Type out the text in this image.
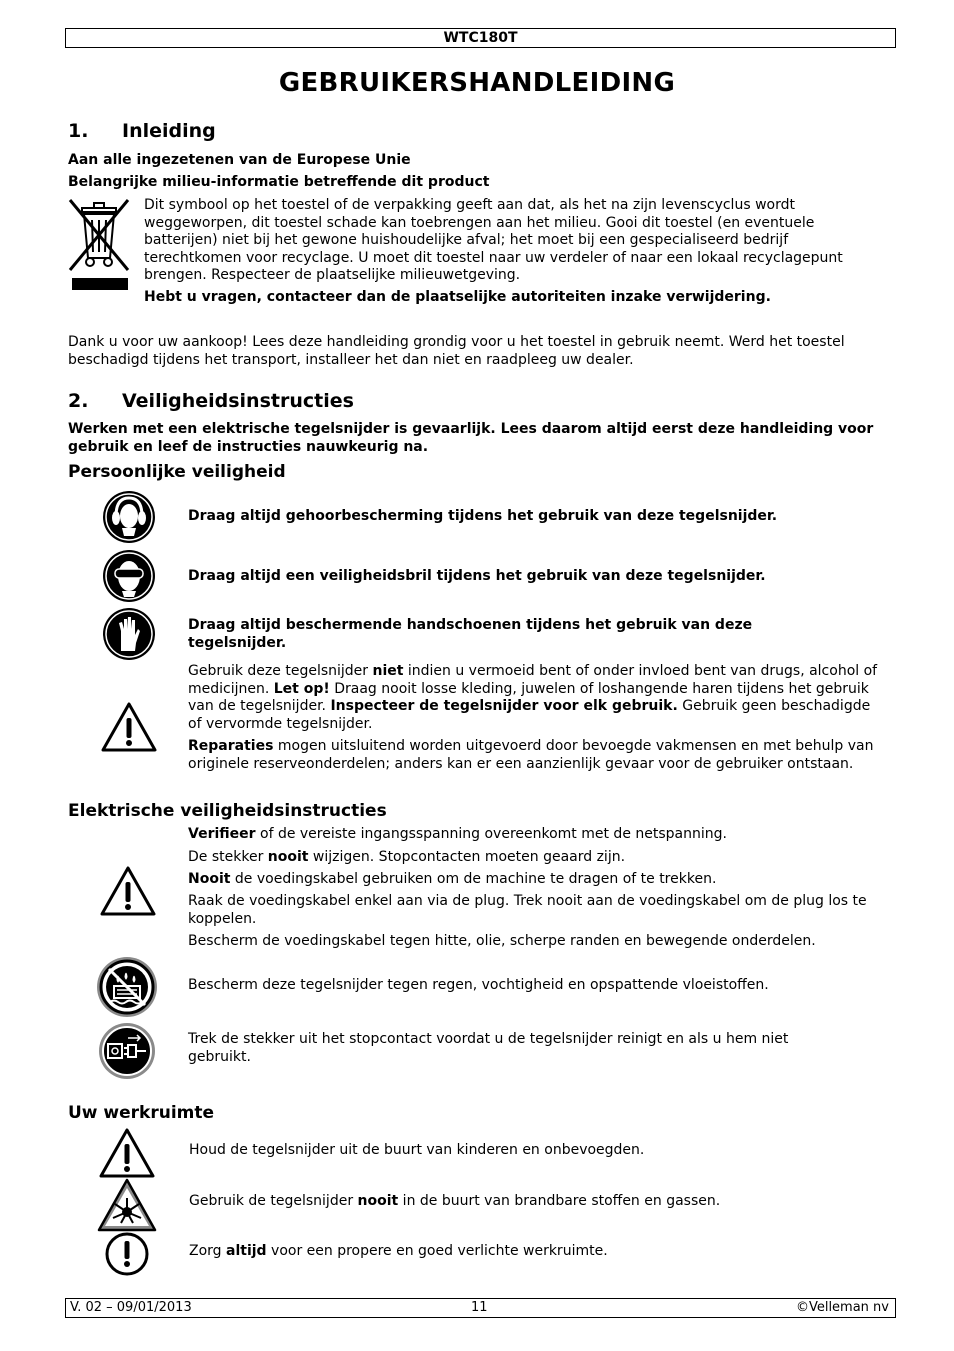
WTC180T
GEBRUIKERSHANDLEIDING
1. Inleiding
Aan alle ingezetenen van de Europese Unie
Belangrijke milieu-informatie betreffende dit product
Dit symbool op het toestel of de verpakking geeft aan dat, als het na zijn levenscyclus wordt weggeworpen, dit toestel schade kan toebrengen aan het milieu. Gooi dit toestel (en eventuele batterijen) niet bij het gewone huishoudelijke afval; het moet bij een gespecialiseerd bedrijf terechtkomen voor recyclage. U moet dit toestel naar uw verdeler of naar een lokaal recyclagepunt brengen. Respecteer de plaatselijke milieuwetgeving.
Hebt u vragen, contacteer dan de plaatselijke autoriteiten inzake verwijdering.
Dank u voor uw aankoop! Lees deze handleiding grondig voor u het toestel in gebruik neemt. Werd het toestel beschadigd tijdens het transport, installeer het dan niet en raadpleeg uw dealer.
2. Veiligheidsinstructies
Werken met een elektrische tegelsnijder is gevaarlijk. Lees daarom altijd eerst deze handleiding voor gebruik en leef de instructies nauwkeurig na.
Persoonlijke veiligheid
Draag altijd gehoorbescherming tijdens het gebruik van deze tegelsnijder.
Draag altijd een veiligheidsbril tijdens het gebruik van deze tegelsnijder.
Draag altijd beschermende handschoenen tijdens het gebruik van deze tegelsnijder.
Gebruik deze tegelsnijder niet indien u vermoeid bent of onder invloed bent van drugs, alcohol of medicijnen. Let op! Draag nooit losse kleding, juwelen of loshangende haren tijdens het gebruik van de tegelsnijder. Inspecteer de tegelsnijder voor elk gebruik. Gebruik geen beschadigde of vervormde tegelsnijder.
Reparaties mogen uitsluitend worden uitgevoerd door bevoegde vakmensen en met behulp van originele reserveonderdelen; anders kan er een aanzienlijk gevaar voor de gebruiker ontstaan.
Elektrische veiligheidsinstructies
Verifieer of de vereiste ingangsspanning overeenkomt met de netspanning.
De stekker nooit wijzigen. Stopcontacten moeten geaard zijn.
Nooit de voedingskabel gebruiken om de machine te dragen of te trekken.
Raak de voedingskabel enkel aan via de plug. Trek nooit aan de voedingskabel om de plug los te koppelen.
Bescherm de voedingskabel tegen hitte, olie, scherpe randen en bewegende onderdelen.
Bescherm deze tegelsnijder tegen regen, vochtigheid en opspattende vloeistoffen.
Trek de stekker uit het stopcontact voordat u de tegelsnijder reinigt en als u hem niet gebruikt.
Uw werkruimte
Houd de tegelsnijder uit de buurt van kinderen en onbevoegden.
Gebruik de tegelsnijder nooit in de buurt van brandbare stoffen en gassen.
Zorg altijd voor een propere en goed verlichte werkruimte.
V. 02 – 09/01/2013	11	©Velleman nv
